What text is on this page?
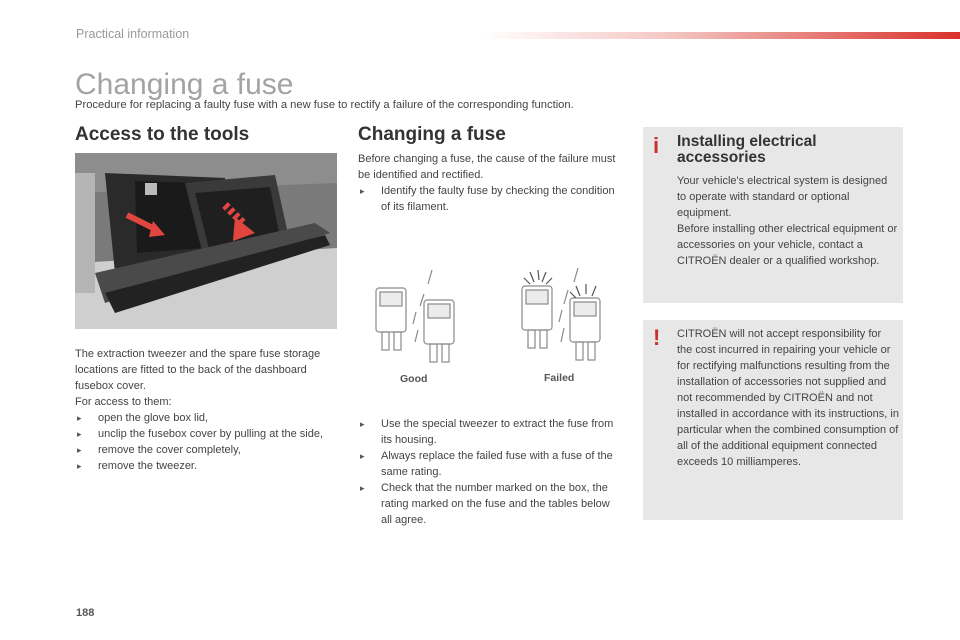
Practical information
Changing a fuse
Procedure for replacing a faulty fuse with a new fuse to rectify a failure of the corresponding function.
Access to the tools

The extraction tweezer and the spare fuse storage locations are fitted to the back of the dashboard fusebox cover.

For access to them:

▸ open the glove box lid,
▸ unclip the fusebox cover by pulling at the side,
▸ remove the cover completely,
▸ remove the tweezer.
Changing a fuse

Before changing a fuse, the cause of the failure must be identified and rectified.

▸ Identify the faulty fuse by checking the condition of its filament.
Good	Failed
▸ Use the special tweezer to extract the fuse from its housing.
▸ Always replace the failed fuse with a fuse of the same rating.
▸ Check that the number marked on the box, the rating marked on the fuse and the tables below all agree.
i Installing electrical accessories
Your vehicle's electrical system is designed to operate with standard or optional equipment.
Before installing other electrical equipment or accessories on your vehicle, contact a CITROËN dealer or a qualified workshop.
! CITROËN will not accept responsibility for the cost incurred in repairing your vehicle or for rectifying malfunctions resulting from the installation of accessories not supplied and not recommended by CITROËN and not installed in accordance with its instructions, in particular when the combined consumption of all of the additional equipment connected exceeds 10 milliamperes.
188
